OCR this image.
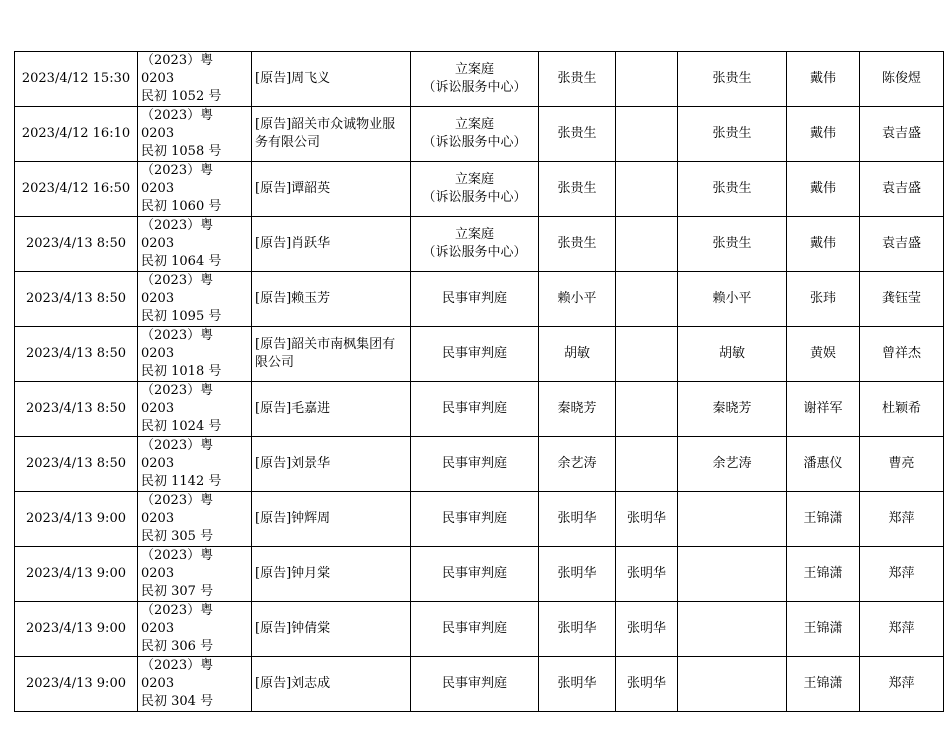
2023/4/12 15:30	（2023）粤 0203
民初 1052 号	[原告]周飞义	立案庭
（诉讼服务中心）	张贵生		张贵生	戴伟	陈俊煜

2023/4/12 16:10	（2023）粤 0203
民初 1058 号	[原告]韶关市众诚物业服务有限公司	立案庭
（诉讼服务中心）	张贵生		张贵生	戴伟	袁吉盛

2023/4/12 16:50	（2023）粤 0203
民初 1060 号	[原告]谭韶英	立案庭
（诉讼服务中心）	张贵生		张贵生	戴伟	袁吉盛

2023/4/13 8:50	（2023）粤 0203
民初 1064 号	[原告]肖跃华	立案庭
（诉讼服务中心）	张贵生		张贵生	戴伟	袁吉盛

2023/4/13 8:50	（2023）粤 0203
民初 1095 号	[原告]赖玉芳	民事审判庭	赖小平		赖小平	张玮	龚钰莹

2023/4/13 8:50	（2023）粤 0203
民初 1018 号	[原告]韶关市南枫集团有限公司	民事审判庭	胡敏		胡敏	黄娱	曾祥杰

2023/4/13 8:50	（2023）粤 0203
民初 1024 号	[原告]毛嘉进	民事审判庭	秦晓芳		秦晓芳	谢祥军	杜颖希

2023/4/13 8:50	（2023）粤 0203
民初 1142 号	[原告]刘景华	民事审判庭	余艺涛		余艺涛	潘惠仪	曹亮

2023/4/13 9:00	（2023）粤 0203
民初 305 号	[原告]钟辉周	民事审判庭	张明华	张明华		王锦潇	郑萍

2023/4/13 9:00	（2023）粤 0203
民初 307 号	[原告]钟月棠	民事审判庭	张明华	张明华		王锦潇	郑萍

2023/4/13 9:00	（2023）粤 0203
民初 306 号	[原告]钟倩棠	民事审判庭	张明华	张明华		王锦潇	郑萍

2023/4/13 9:00	（2023）粤 0203
民初 304 号	[原告]刘志成	民事审判庭	张明华	张明华		王锦潇	郑萍
